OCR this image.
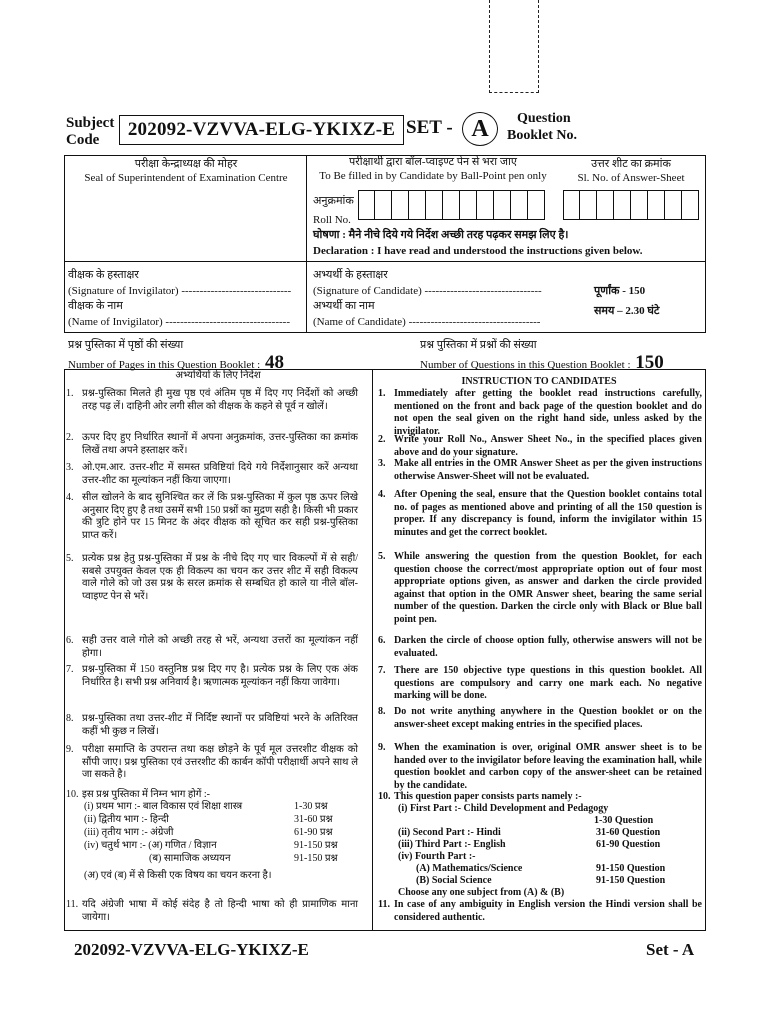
Subject
Code	202092-VZVVA-ELG-YKIXZ-E SET - A	Question
Booklet No.
परीक्षा केन्द्राध्यक्ष की मोहर
Seal of Superintendent of Examination Centre
परीक्षार्थी द्वारा बॉल-प्वाइण्ट पेन से भरा जाए
To Be filled in by Candidate by Ball-Point pen only
उत्तर शीट का क्रमांक
Sl. No. of Answer-Sheet
अनुक्रमांक
Roll No.
घोषणा : मैने नीचे दिये गये निर्देश अच्छी तरह पढ़कर समझ लिए है।
Declaration : I have read and understood the instructions given below.
वीक्षक के हस्ताक्षर
(Signature of Invigilator) ------------------------------
वीक्षक के नाम
(Name of Invigilator) ----------------------------------
अभ्यर्थी के हस्ताक्षर
(Signature of Candidate) --------------------------------
अभ्यर्थी का नाम
(Name of Candidate) ------------------------------------
पूर्णांक - 150
समय – 2.30 घंटे
प्रश्न पुस्तिका में पृष्ठों की संख्या
Number of Pages in this Question Booklet : 48
प्रश्न पुस्तिका में प्रश्नों की संख्या
Number of Questions in this Question Booklet : 150
अभ्यर्थियों के लिए निर्देश
INSTRUCTION TO CANDIDATES
1. प्रश्न-पुस्तिका मिलते ही मुख पृष्ठ एवं अंतिम पृष्ठ में दिए गए निर्देशों को अच्छी तरह पढ़ लें। दाहिनी ओर लगी सील को वीक्षक के कहने से पूर्व न खोलें।
2. ऊपर दिए हुए निर्धारित स्थानों में अपना अनुक्रमांक, उत्तर-पुस्तिका का क्रमांक लिखें तथा अपने हस्ताक्षर करें।
3. ओ.एम.आर. उत्तर-शीट में समस्त प्रविष्टियां दिये गये निर्देशानुसार करें अन्यथा उत्तर-शीट का मूल्यांकन नहीं किया जाएगा।
4. सील खोलने के बाद सुनिश्चित कर लें कि प्रश्न-पुस्तिका में कुल पृष्ठ ऊपर लिखे अनुसार दिए हुए है तथा उसमें सभी 150 प्रश्नों का मुद्रण सही है। किसी भी प्रकार की त्रुटि होने पर 15 मिनट के अंदर वीक्षक को सूचित कर सही प्रश्न-पुस्तिका प्राप्त करें।
5. प्रत्येक प्रश्न हेतु प्रश्न-पुस्तिका में प्रश्न के नीचे दिए गए चार विकल्पों में से सही/सबसे उपयुक्त केवल एक ही विकल्प का चयन कर उत्तर शीट में सही विकल्प वाले गोले को जो उस प्रश्न के सरल क्रमांक से सम्बधित हो काले या नीले बॉल-प्वाइण्ट पेन से भरें।
6. सही उत्तर वाले गोले को अच्छी तरह से भरें, अन्यथा उत्तरों का मूल्यांकन नहीं होगा।
7. प्रश्न-पुस्तिका में 150 वस्तुनिष्ठ प्रश्न दिए गए है। प्रत्येक प्रश्न के लिए एक अंक निर्धारित है। सभी प्रश्न अनिवार्य है। ऋणात्मक मूल्यांकन नहीं किया जावेगा।
8. प्रश्न-पुस्तिका तथा उत्तर-शीट में निर्दिष्ट स्थानों पर प्रविष्टियां भरने के अतिरिक्त कहीं भी कुछ न लिखें।
9. परीक्षा समाप्ति के उपरान्त तथा कक्ष छोड़ने के पूर्व मूल उत्तरशीट वीक्षक को सौंपी जाए। प्रश्न पुस्तिका एवं उत्तरशीट की कार्बन कॉपी परीक्षार्थी अपने साथ ले जा सकते है।
10. इस प्रश्न पुस्तिका में निम्न भाग होगें :-
(i) प्रथम भाग :- बाल विकास एवं शिक्षा शास्त्र	1-30 प्रश्न
(ii) द्वितीय भाग :- हिन्दी	31-60 प्रश्न
(iii) तृतीय भाग :- अंग्रेजी	61-90 प्रश्न
(iv) चतुर्थ भाग :- (अ) गणित / विज्ञान	91-150 प्रश्न
(ब) सामाजिक अध्ययन	91-150 प्रश्न
(अ) एवं (ब) में से किसी एक विषय का चयन करना है।
11. यदि अंग्रेजी भाषा में कोई संदेह है तो हिन्दी भाषा को ही प्रामाणिक माना जायेगा।
1. Immediately after getting the booklet read instructions carefully, mentioned on the front and back page of the question booklet and do not open the seal given on the right hand side, unless asked by the invigilator.
2. Write your Roll No., Answer Sheet No., in the specified places given above and do your signature.
3. Make all entries in the OMR Answer Sheet as per the given instructions otherwise Answer-Sheet will not be evaluated.
4. After Opening the seal, ensure that the Question booklet contains total no. of pages as mentioned above and printing of all the 150 question is proper. If any discrepancy is found, inform the invigilator within 15 minutes and get the correct booklet.
5. While answering the question from the question Booklet, for each question choose the correct/most appropriate option out of four most appropriate options given, as answer and darken the circle provided against that option in the OMR Answer sheet, bearing the same serial number of the question. Darken the circle only with Black or Blue ball point pen.
6. Darken the circle of choose option fully, otherwise answers will not be evaluated.
7. There are 150 objective type questions in this question booklet. All questions are compulsory and carry one mark each. No negative marking will be done.
8. Do not write anything anywhere in the Question booklet or on the answer-sheet except making entries in the specified places.
9. When the examination is over, original OMR answer sheet is to be handed over to the invigilator before leaving the examination hall, while question booklet and carbon copy of the answer-sheet can be retained by the candidate.
10. This question paper consists parts namely :-
(i) First Part :- Child Development and Pedagogy
1-30 Question
(ii) Second Part :- Hindi	31-60 Question
(iii) Third Part :- English	61-90 Question
(iv) Fourth Part :-
(A) Mathematics/Science	91-150 Question
(B) Social Science	91-150 Question
Choose any one subject from (A) & (B)
11. In case of any ambiguity in English version the Hindi version shall be considered authentic.
202092-VZVVA-ELG-YKIXZ-E	Set - A
